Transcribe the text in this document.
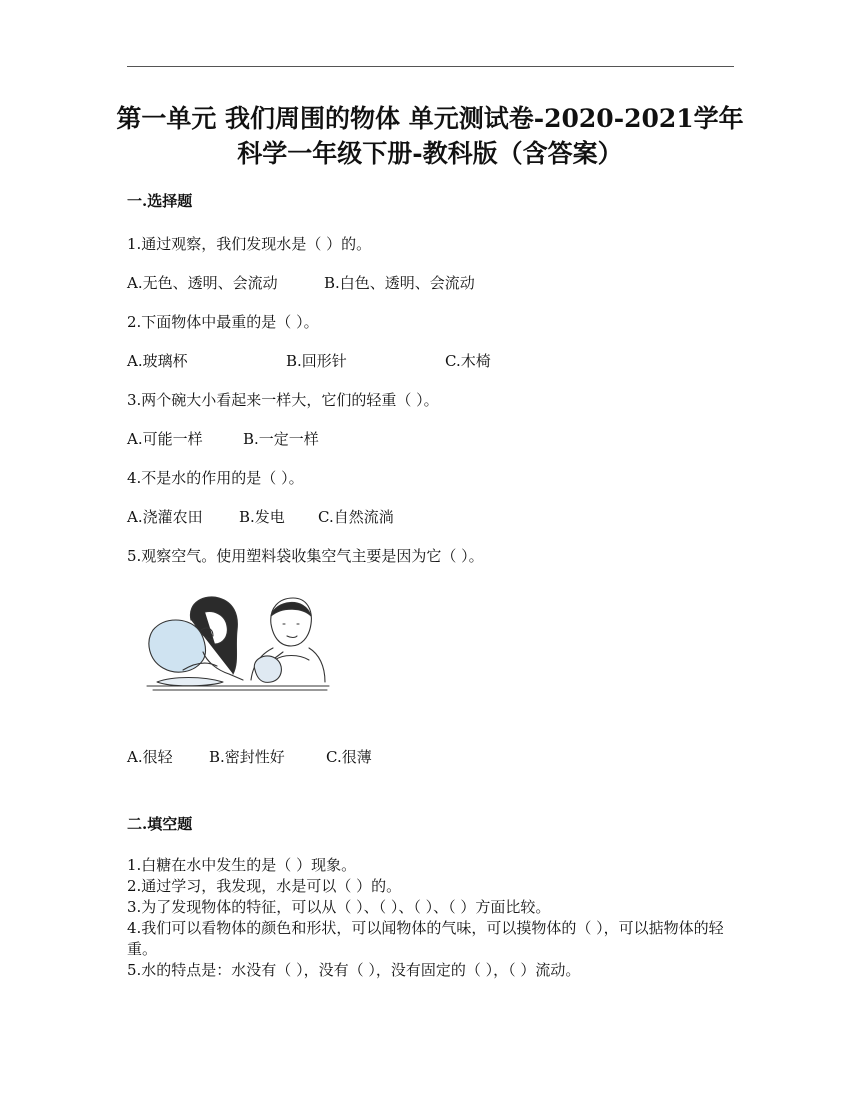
第一单元 我们周围的物体 单元测试卷-2020-2021学年
科学一年级下册-教科版（含答案）
一.选择题
1.通过观察，我们发现水是（ ）的。
A.无色、透明、会流动	B.白色、透明、会流动
2.下面物体中最重的是（ ）。
A.玻璃杯	B.回形针	C.木椅
3.两个碗大小看起来一样大，它们的轻重（ ）。
A.可能一样	B.一定一样
4.不是水的作用的是（ ）。
A.浇灌农田 B.发电 C.自然流淌
5.观察空气。使用塑料袋收集空气主要是因为它（ ）。
A.很轻 B.密封性好	C.很薄
二.填空题
1.白糖在水中发生的是（ ）现象。
2.通过学习，我发现，水是可以（ ）的。
3.为了发现物体的特征，可以从（ ）、（ ）、（ ）、（ ）方面比较。
4.我们可以看物体的颜色和形状，可以闻物体的气味，可以摸物体的（ ），可以掂物体的轻重。
5.水的特点是：水没有（ ），没有（ ），没有固定的（ ），（ ）流动。
